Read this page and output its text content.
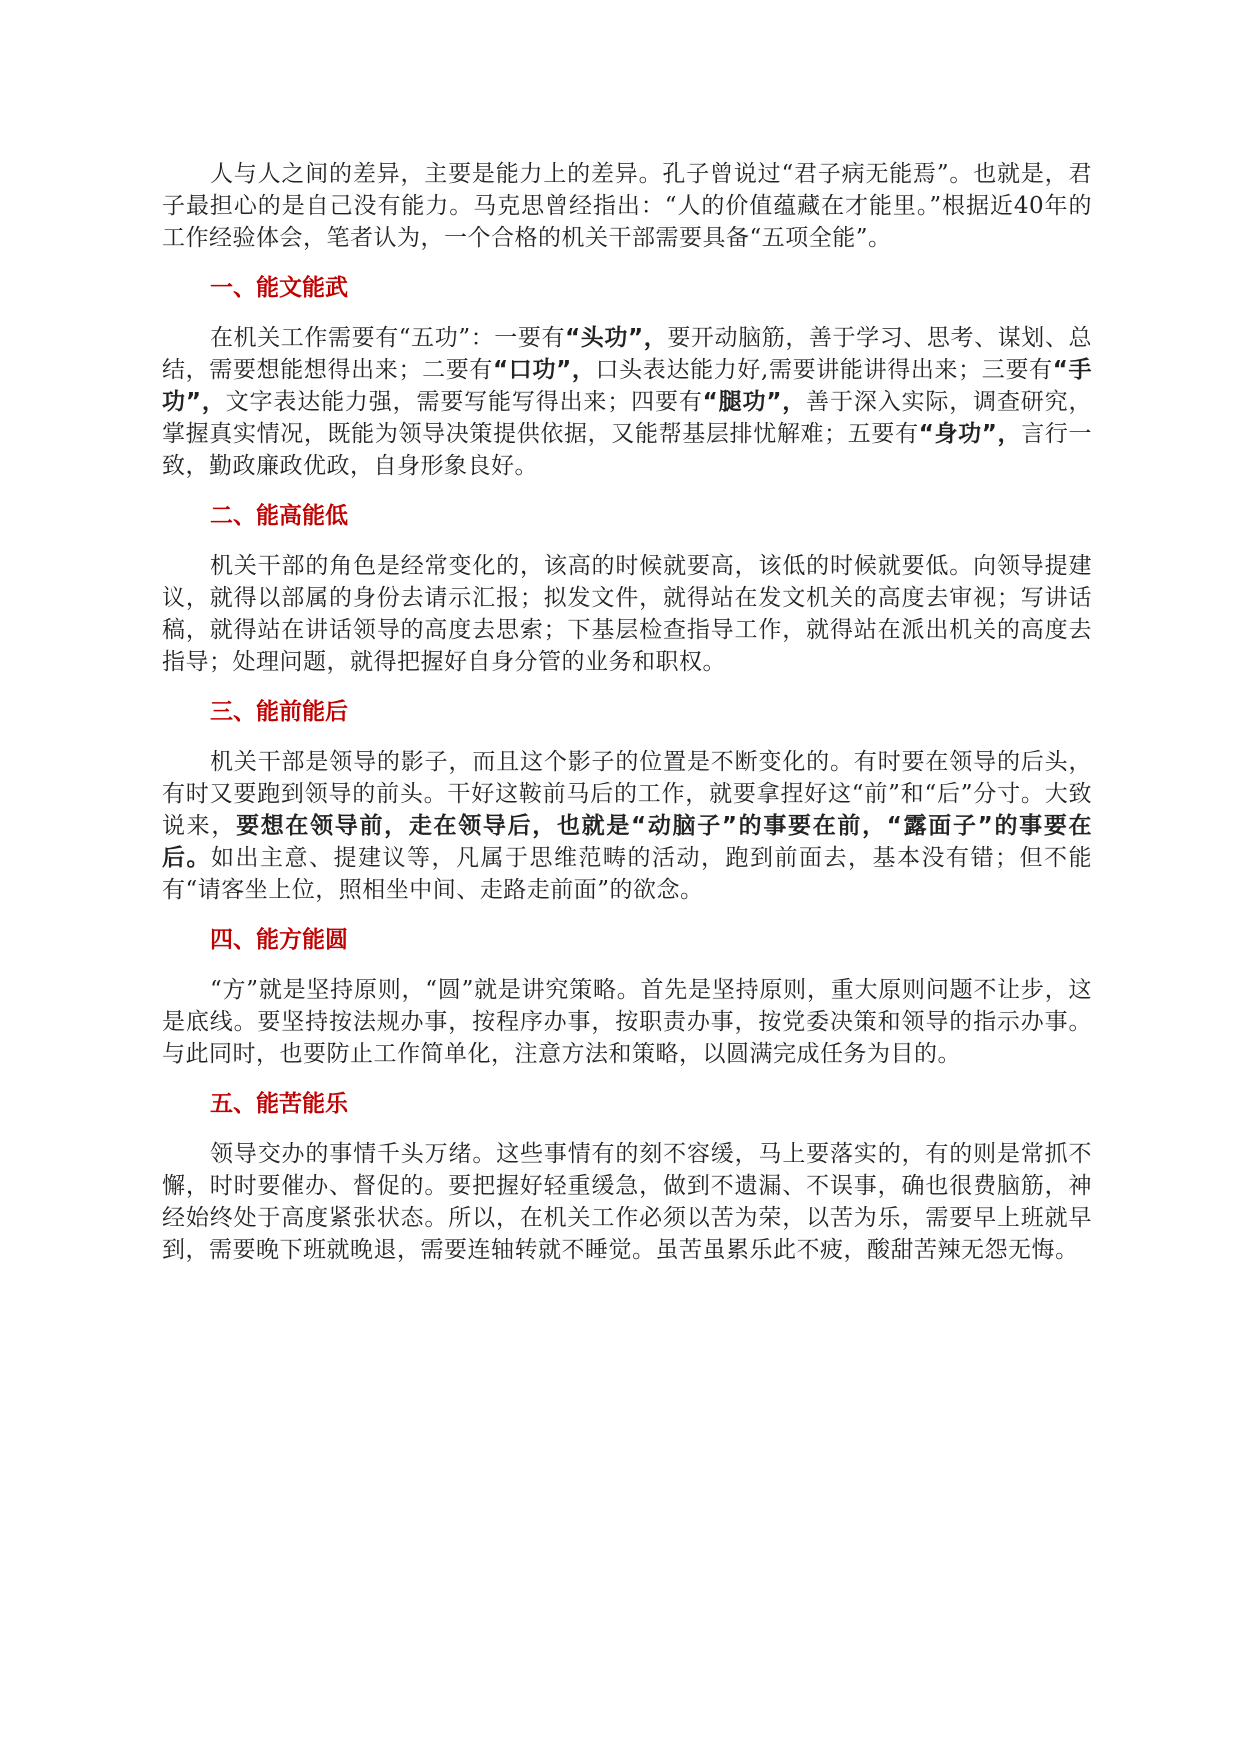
人与人之间的差异，主要是能力上的差异。孔子曾说过“君子病无能焉”。也就是，君子最担心的是自己没有能力。马克思曾经指出：“人的价值蕴藏在才能里。”根据近40年的工作经验体会，笔者认为，一个合格的机关干部需要具备“五项全能”。

一、能文能武

在机关工作需要有“五功”：一要有“头功”，要开动脑筋，善于学习、思考、谋划、总结，需要想能想得出来；二要有“口功”，口头表达能力好,需要讲能讲得出来；三要有“手功”，文字表达能力强，需要写能写得出来；四要有“腿功”，善于深入实际，调查研究，掌握真实情况，既能为领导决策提供依据，又能帮基层排忧解难；五要有“身功”，言行一致，勤政廉政优政，自身形象良好。

二、能高能低

机关干部的角色是经常变化的，该高的时候就要高，该低的时候就要低。向领导提建议，就得以部属的身份去请示汇报；拟发文件，就得站在发文机关的高度去审视；写讲话稿，就得站在讲话领导的高度去思索；下基层检查指导工作，就得站在派出机关的高度去指导；处理问题，就得把握好自身分管的业务和职权。

三、能前能后

机关干部是领导的影子，而且这个影子的位置是不断变化的。有时要在领导的后头，有时又要跑到领导的前头。干好这鞍前马后的工作，就要拿捏好这“前”和“后”分寸。大致说来，要想在领导前，走在领导后，也就是“动脑子”的事要在前，“露面子”的事要在后。如出主意、提建议等，凡属于思维范畴的活动，跑到前面去，基本没有错；但不能有“请客坐上位，照相坐中间、走路走前面”的欲念。

四、能方能圆

“方”就是坚持原则，“圆”就是讲究策略。首先是坚持原则，重大原则问题不让步，这是底线。要坚持按法规办事，按程序办事，按职责办事，按党委决策和领导的指示办事。与此同时，也要防止工作简单化，注意方法和策略，以圆满完成任务为目的。

五、能苦能乐

领导交办的事情千头万绪。这些事情有的刻不容缓，马上要落实的，有的则是常抓不懈，时时要催办、督促的。要把握好轻重缓急，做到不遗漏、不误事，确也很费脑筋，神经始终处于高度紧张状态。所以，在机关工作必须以苦为荣，以苦为乐，需要早上班就早到，需要晚下班就晚退，需要连轴转就不睡觉。虽苦虽累乐此不疲，酸甜苦辣无怨无悔。
